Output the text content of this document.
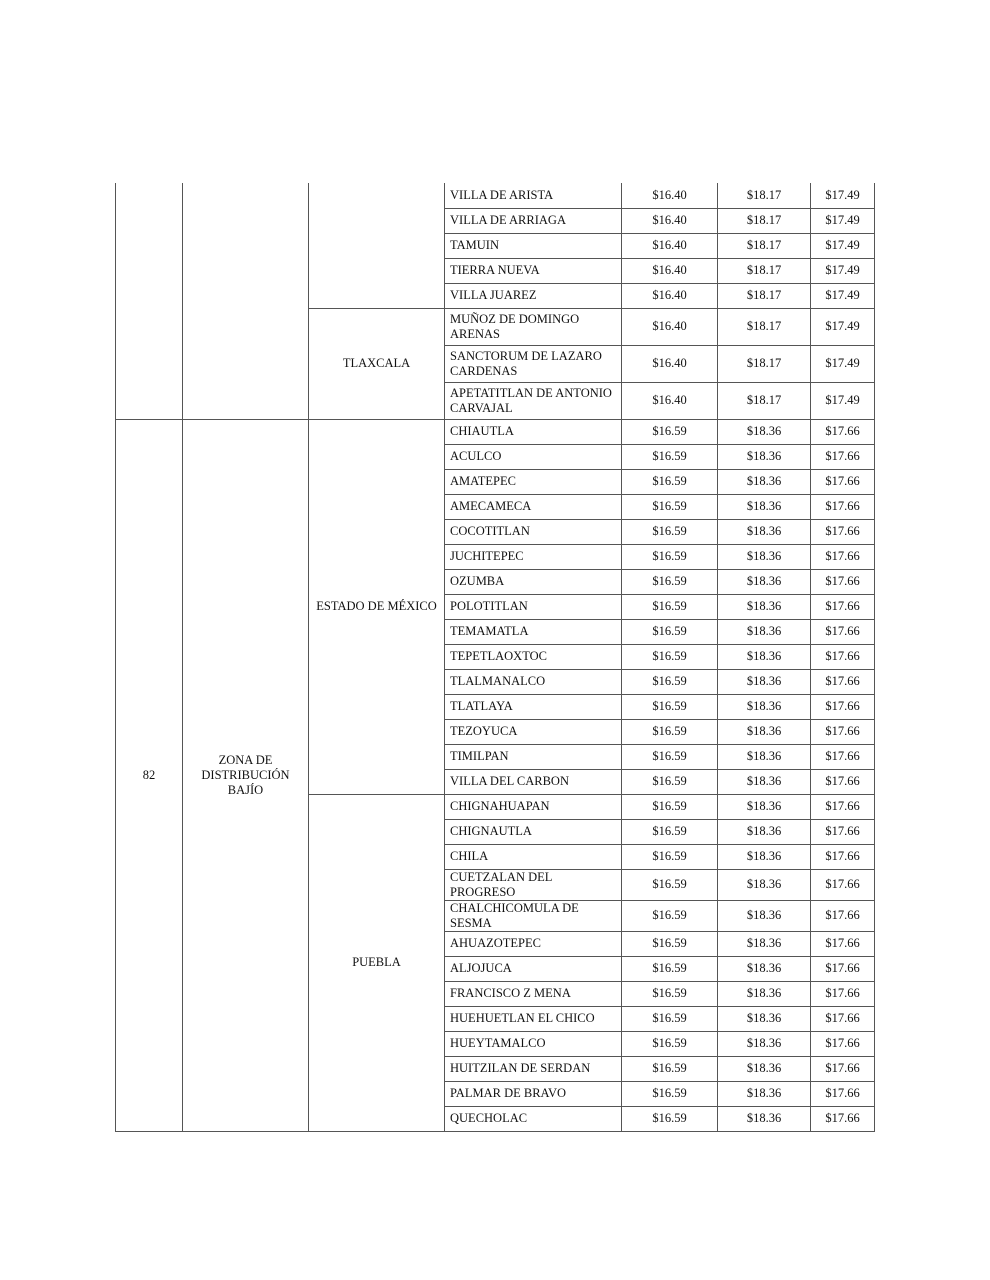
			VILLA DE ARISTA	$16.40	$18.17	$17.49
			VILLA DE ARRIAGA	$16.40	$18.17	$17.49
			TAMUIN	$16.40	$18.17	$17.49
			TIERRA NUEVA	$16.40	$18.17	$17.49
			VILLA JUAREZ	$16.40	$18.17	$17.49
		TLAXCALA	MUÑOZ DE DOMINGO ARENAS	$16.40	$18.17	$17.49
			SANCTORUM DE LAZARO CARDENAS	$16.40	$18.17	$17.49
			APETATITLAN DE ANTONIO CARVAJAL	$16.40	$18.17	$17.49
82	ZONA DE DISTRIBUCIÓN BAJÍO	ESTADO DE MÉXICO	CHIAUTLA	$16.59	$18.36	$17.66
			ACULCO	$16.59	$18.36	$17.66
			AMATEPEC	$16.59	$18.36	$17.66
			AMECAMECA	$16.59	$18.36	$17.66
			COCOTITLAN	$16.59	$18.36	$17.66
			JUCHITEPEC	$16.59	$18.36	$17.66
			OZUMBA	$16.59	$18.36	$17.66
			POLOTITLAN	$16.59	$18.36	$17.66
			TEMAMATLA	$16.59	$18.36	$17.66
			TEPETLAOXTOC	$16.59	$18.36	$17.66
			TLALMANALCO	$16.59	$18.36	$17.66
			TLATLAYA	$16.59	$18.36	$17.66
			TEZOYUCA	$16.59	$18.36	$17.66
			TIMILPAN	$16.59	$18.36	$17.66
			VILLA DEL CARBON	$16.59	$18.36	$17.66
		PUEBLA	CHIGNAHUAPAN	$16.59	$18.36	$17.66
			CHIGNAUTLA	$16.59	$18.36	$17.66
			CHILA	$16.59	$18.36	$17.66
			CUETZALAN DEL PROGRESO	$16.59	$18.36	$17.66
			CHALCHICOMULA DE SESMA	$16.59	$18.36	$17.66
			AHUAZOTEPEC	$16.59	$18.36	$17.66
			ALJOJUCA	$16.59	$18.36	$17.66
			FRANCISCO Z MENA	$16.59	$18.36	$17.66
			HUEHUETLAN EL CHICO	$16.59	$18.36	$17.66
			HUEYTAMALCO	$16.59	$18.36	$17.66
			HUITZILAN DE SERDAN	$16.59	$18.36	$17.66
			PALMAR DE BRAVO	$16.59	$18.36	$17.66
			QUECHOLAC	$16.59	$18.36	$17.66
